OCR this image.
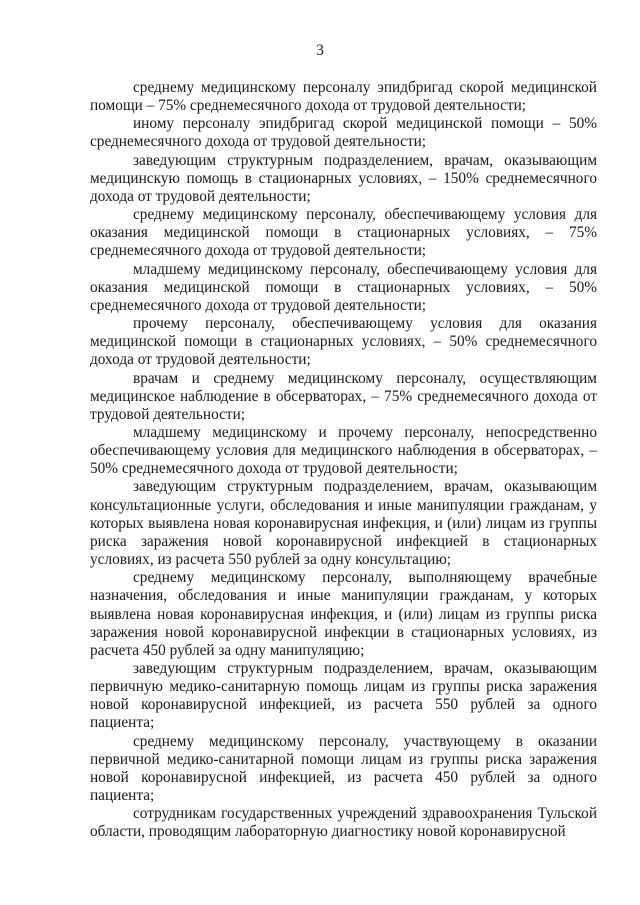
3

среднему медицинскому персоналу эпидбригад скорой медицинской помощи – 75% среднемесячного дохода от трудовой деятельности;

иному персоналу эпидбригад скорой медицинской помощи – 50% среднемесячного дохода от трудовой деятельности;

заведующим структурным подразделением, врачам, оказывающим медицинскую помощь в стационарных условиях, – 150% среднемесячного дохода от трудовой деятельности;

среднему медицинскому персоналу, обеспечивающему условия для оказания медицинской помощи в стационарных условиях, – 75% среднемесячного дохода от трудовой деятельности;

младшему медицинскому персоналу, обеспечивающему условия для оказания медицинской помощи в стационарных условиях, – 50% среднемесячного дохода от трудовой деятельности;

прочему персоналу, обеспечивающему условия для оказания медицинской помощи в стационарных условиях, – 50% среднемесячного дохода от трудовой деятельности;

врачам и среднему медицинскому персоналу, осуществляющим медицинское наблюдение в обсерваторах, – 75% среднемесячного дохода от трудовой деятельности;

младшему медицинскому и прочему персоналу, непосредственно обеспечивающему условия для медицинского наблюдения в обсерваторах, – 50% среднемесячного дохода от трудовой деятельности;

заведующим структурным подразделением, врачам, оказывающим консультационные услуги, обследования и иные манипуляции гражданам, у которых выявлена новая коронавирусная инфекция, и (или) лицам из группы риска заражения новой коронавирусной инфекцией в стационарных условиях, из расчета 550 рублей за одну консультацию;

среднему медицинскому персоналу, выполняющему врачебные назначения, обследования и иные манипуляции гражданам, у которых выявлена новая коронавирусная инфекция, и (или) лицам из группы риска заражения новой коронавирусной инфекции в стационарных условиях, из расчета 450 рублей за одну манипуляцию;

заведующим структурным подразделением, врачам, оказывающим первичную медико-санитарную помощь лицам из группы риска заражения новой коронавирусной инфекцией, из расчета 550 рублей за одного пациента;

среднему медицинскому персоналу, участвующему в оказании первичной медико-санитарной помощи лицам из группы риска заражения новой коронавирусной инфекцией, из расчета 450 рублей за одного пациента;

сотрудникам государственных учреждений здравоохранения Тульской области, проводящим лабораторную диагностику новой коронавирусной
